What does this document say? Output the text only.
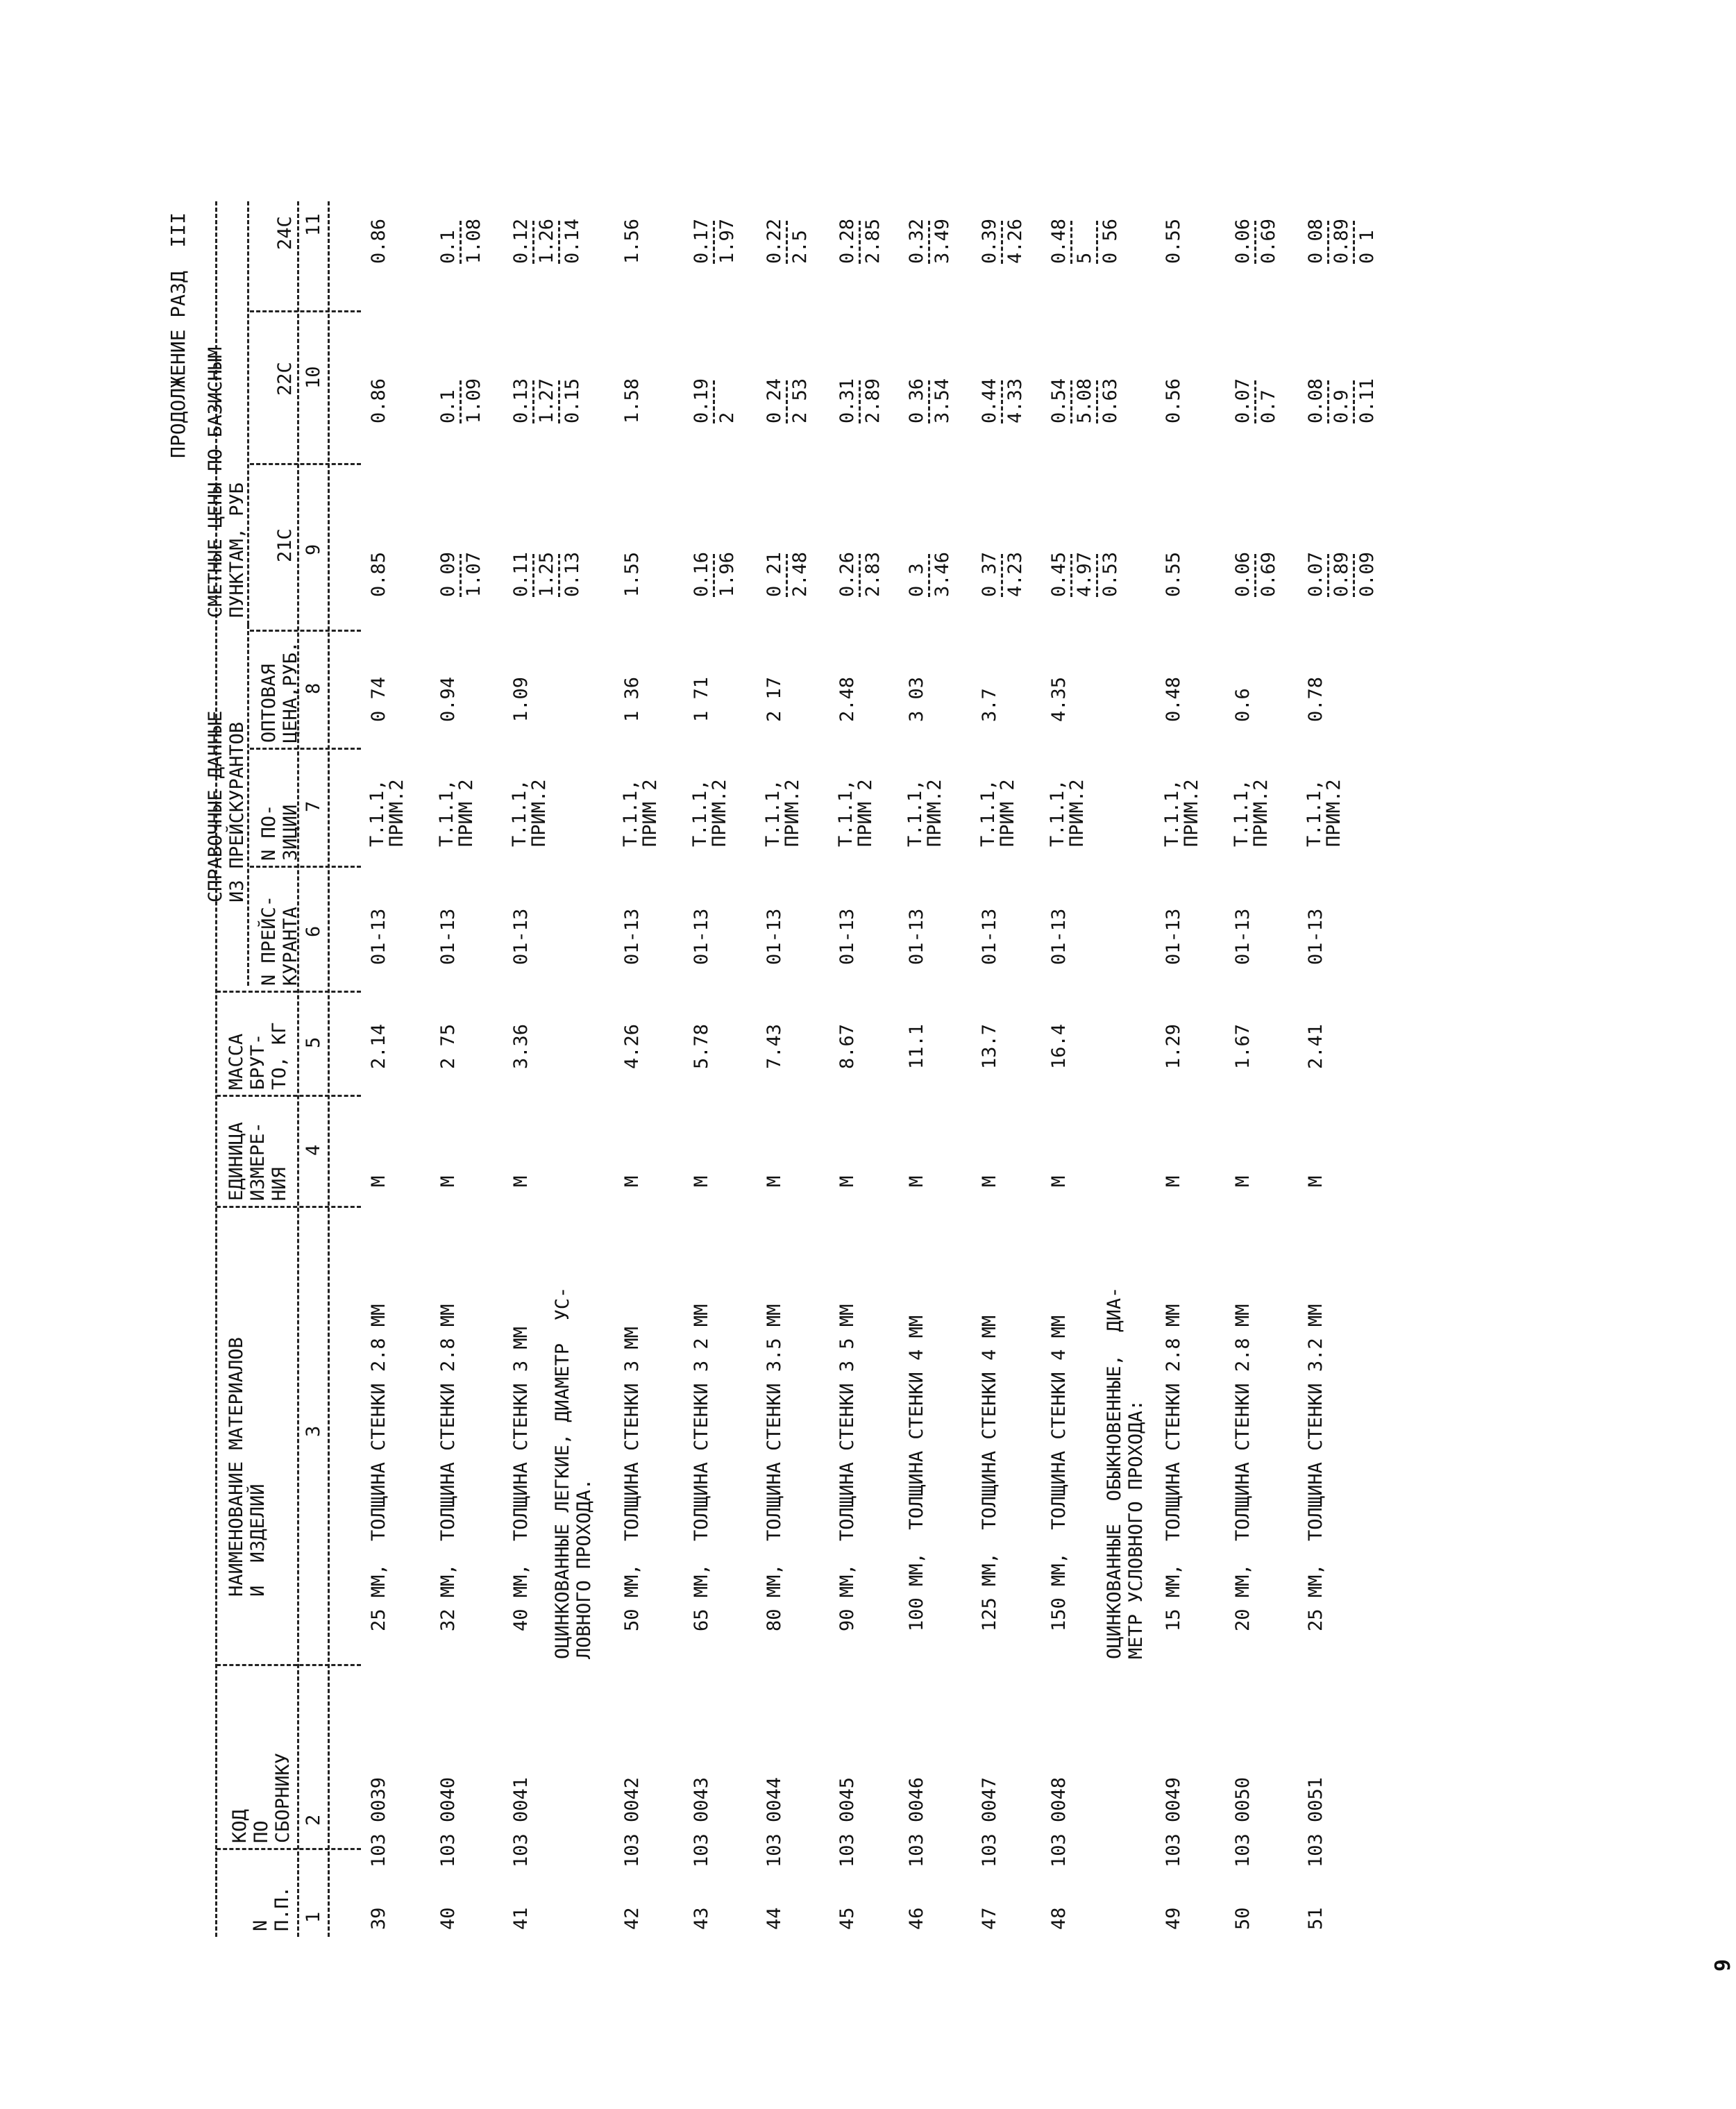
ПРОДОЛЖЕНИЕ РАЗД  III
N
П.П.
КОД
ПО
СБОРНИКУ
НАИМЕНОВАНИЕ МАТЕРИАЛОВ
И  ИЗДЕЛИЙ
ЕДИНИЦА
ИЗМЕРЕ-
НИЯ
МАССА
БРУТ-
ТО, КГ
СПРАВОЧНЫЕ ДАННЫЕ
ИЗ ПРЕЙСКУРАНТОВ
N ПРЕЙС-
КУРАНТА
N ПО-
ЗИЦИИ
ОПТОВАЯ
ЦЕНА,РУБ.
СМЕТНЫЕ ЦЕНЫ ПО БАЗИСНЫМ
ПУНКТАМ, РУБ
21С
22С
24С
1
2
3
4
5
6
7
8
9
10
11
ОЦИНКОВАННЫЕ ЛЕГКИЕ, ДИАМЕТР  УС-
ЛОВНОГО ПРОХОДА.	ОЦИНКОВАННЫЕ  ОБЫКНОВЕННЫЕ,  ДИА-
МЕТР УСЛОВНОГО ПРОХОДА:
39
103 0039
25 ММ,  ТОЛЩИНА СТЕНКИ 2.8 ММ
М
2.14
01-13
Т.1.1,
ПРИМ.2
0 74
0.85
0.86
0.86
40
103 0040
32 ММ,  ТОЛЩИНА СТЕНКИ 2.8 ММ
М
2 75
01-13
Т.1.1,
ПРИМ 2
0.94
0 09 1.07
0.1 1.09
0.1 1.08
41
103 0041
40 ММ,  ТОЛЩИНА СТЕНКИ 3 ММ
М
3.36
01-13
Т.1.1,
ПРИМ.2
1.09
0.11 1.25 0.13
0.13 1.27 0.15
0.12 1.26 0.14
42
103 0042
50 ММ,  ТОЛЩИНА СТЕНКИ 3 ММ
М
4.26
01-13
Т.1.1,
ПРИМ 2
1 36
1.55
1.58
1.56
43
103 0043
65 ММ,  ТОЛЩИНА СТЕНКИ 3 2 ММ
М
5.78
01-13
Т.1.1,
ПРИМ.2
1 71
0.16 1.96
0.19 2
0.17 1.97
44
103 0044
80 ММ,  ТОЛЩИНА СТЕНКИ 3.5 ММ
М
7.43
01-13
Т.1.1,
ПРИМ.2
2 17
0 21 2.48
0 24 2 53
0.22 2.5
45
103 0045
90 ММ,  ТОЛЩИНА СТЕНКИ 3 5 ММ
М
8.67
01-13
Т.1.1,
ПРИМ 2
2.48
0.26 2.83
0.31 2.89
0.28 2.85
46
103 0046
100 ММ,  ТОЛЩИНА СТЕНКИ 4 ММ
М
11.1
01-13
Т.1.1,
ПРИМ.2
3 03
0 3 3.46
0 36 3.54
0.32 3.49
47
103 0047
125 ММ,  ТОЛЩИНА СТЕНКИ 4 ММ
М
13.7
01-13
Т.1.1,
ПРИМ 2
3.7
0 37 4.23
0.44 4.33
0.39 4.26
48
103 0048
150 ММ,  ТОЛЩИНА СТЕНКИ 4 ММ
М
16.4
01-13
Т.1.1,
ПРИМ.2
4.35
0.45 4.97 0.53
0.54 5.08 0.63
0.48 5 0 56
49
103 0049
15 ММ,  ТОЛЩИНА СТЕНКИ 2.8 ММ
М
1.29
01-13
Т.1.1,
ПРИМ.2
0.48
0.55
0.56
0.55
50
103 0050
20 ММ,  ТОЛЩИНА СТЕНКИ 2.8 ММ
М
1.67
01-13
Т.1.1,
ПРИМ.2
0.6
0.06 0.69
0.07 0.7
0.06 0.69
51
103 0051
25 ММ,  ТОЛЩИНА СТЕНКИ 3.2 ММ
М
2.41
01-13
Т.1.1,
ПРИМ.2
0.78
0.07 0.89 0.09
0.08 0.9 0.11
0 08 0.89 0 1
9
